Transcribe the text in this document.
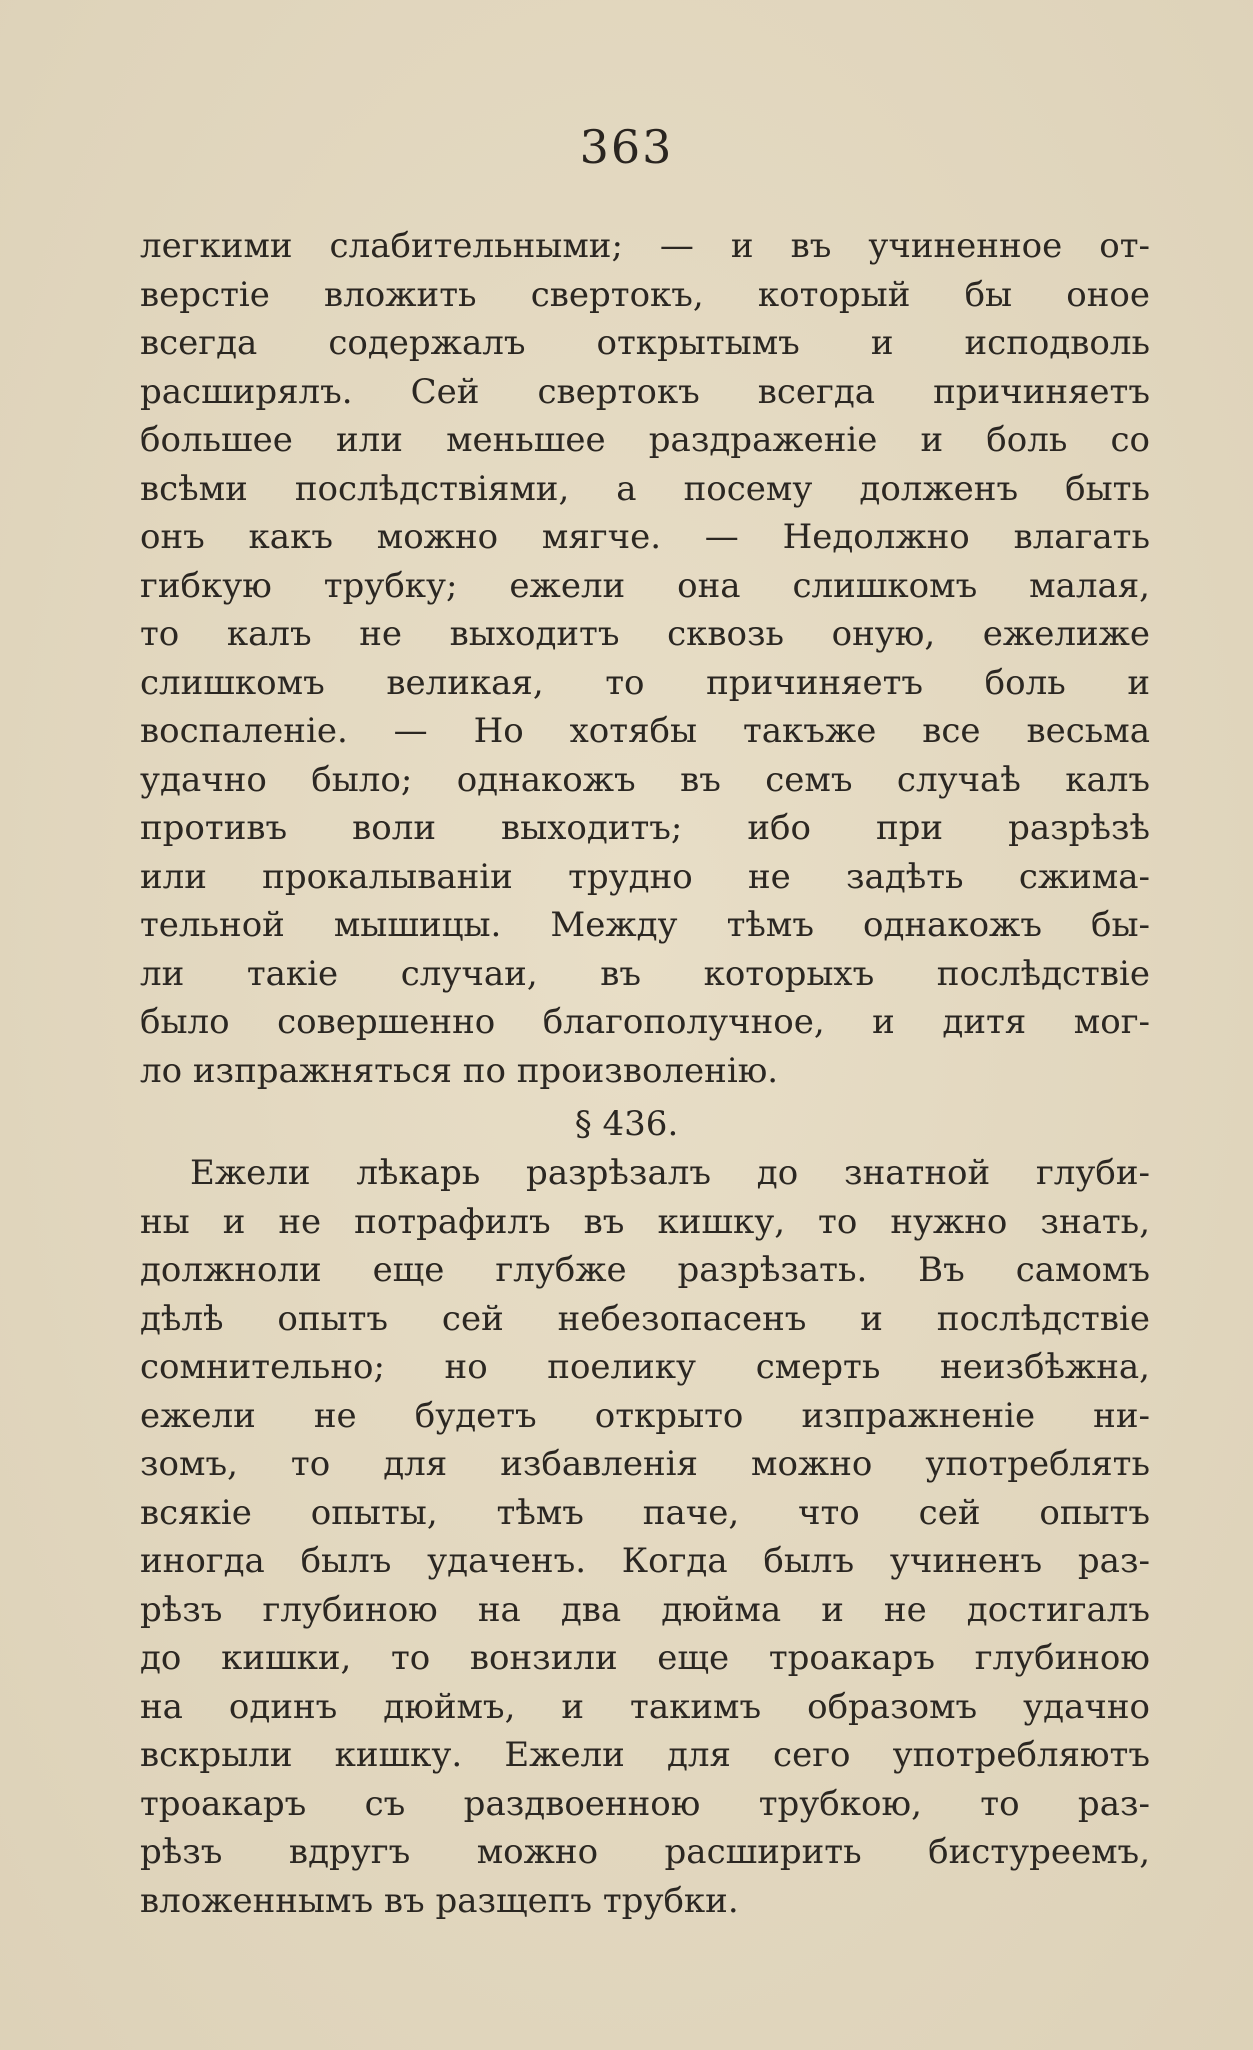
363
легкими слабительными; — и въ учиненное от-
верстіе вложить свертокъ, который бы оное
всегда содержалъ открытымъ и исподволь
расширялъ. Сей свертокъ всегда причиняетъ
большее или меньшее раздраженіе и боль со
всѣми послѣдствіями, а посему долженъ быть
онъ какъ можно мягче. — Недолжно влагать
гибкую трубку; ежели она слишкомъ малая,
то калъ не выходитъ сквозь оную, ежелиже
слишкомъ великая, то причиняетъ боль и
воспаленіе. — Но хотябы такъже все весьма
удачно было; однакожъ въ семъ случаѣ калъ
противъ воли выходитъ; ибо при разрѣзѣ
или прокалываніи трудно не задѣть сжима-
тельной мышицы. Между тѣмъ однакожъ бы-
ли такіе случаи, въ которыхъ послѣдствіе
было совершенно благополучное, и дитя мог-
ло изпражняться по произволенію.
§ 436.
Ежели лѣкарь разрѣзалъ до знатной глуби-
ны и не потрафилъ въ кишку, то нужно знать,
должноли еще глубже разрѣзать. Въ самомъ
дѣлѣ опытъ сей небезопасенъ и послѣдствіе
сомнительно; но поелику смерть неизбѣжна,
ежели не будетъ открыто изпражненіе ни-
зомъ, то для избавленія можно употреблять
всякіе опыты, тѣмъ паче, что сей опытъ
иногда былъ удаченъ. Когда былъ учиненъ раз-
рѣзъ глубиною на два дюйма и не достигалъ
до кишки, то вонзили еще троакаръ глубиною
на одинъ дюймъ, и такимъ образомъ удачно
вскрыли кишку. Ежели для сего употребляютъ
троакаръ съ раздвоенною трубкою, то раз-
рѣзъ вдругъ можно расширить бистуреемъ,
вложеннымъ въ разщепъ трубки.
